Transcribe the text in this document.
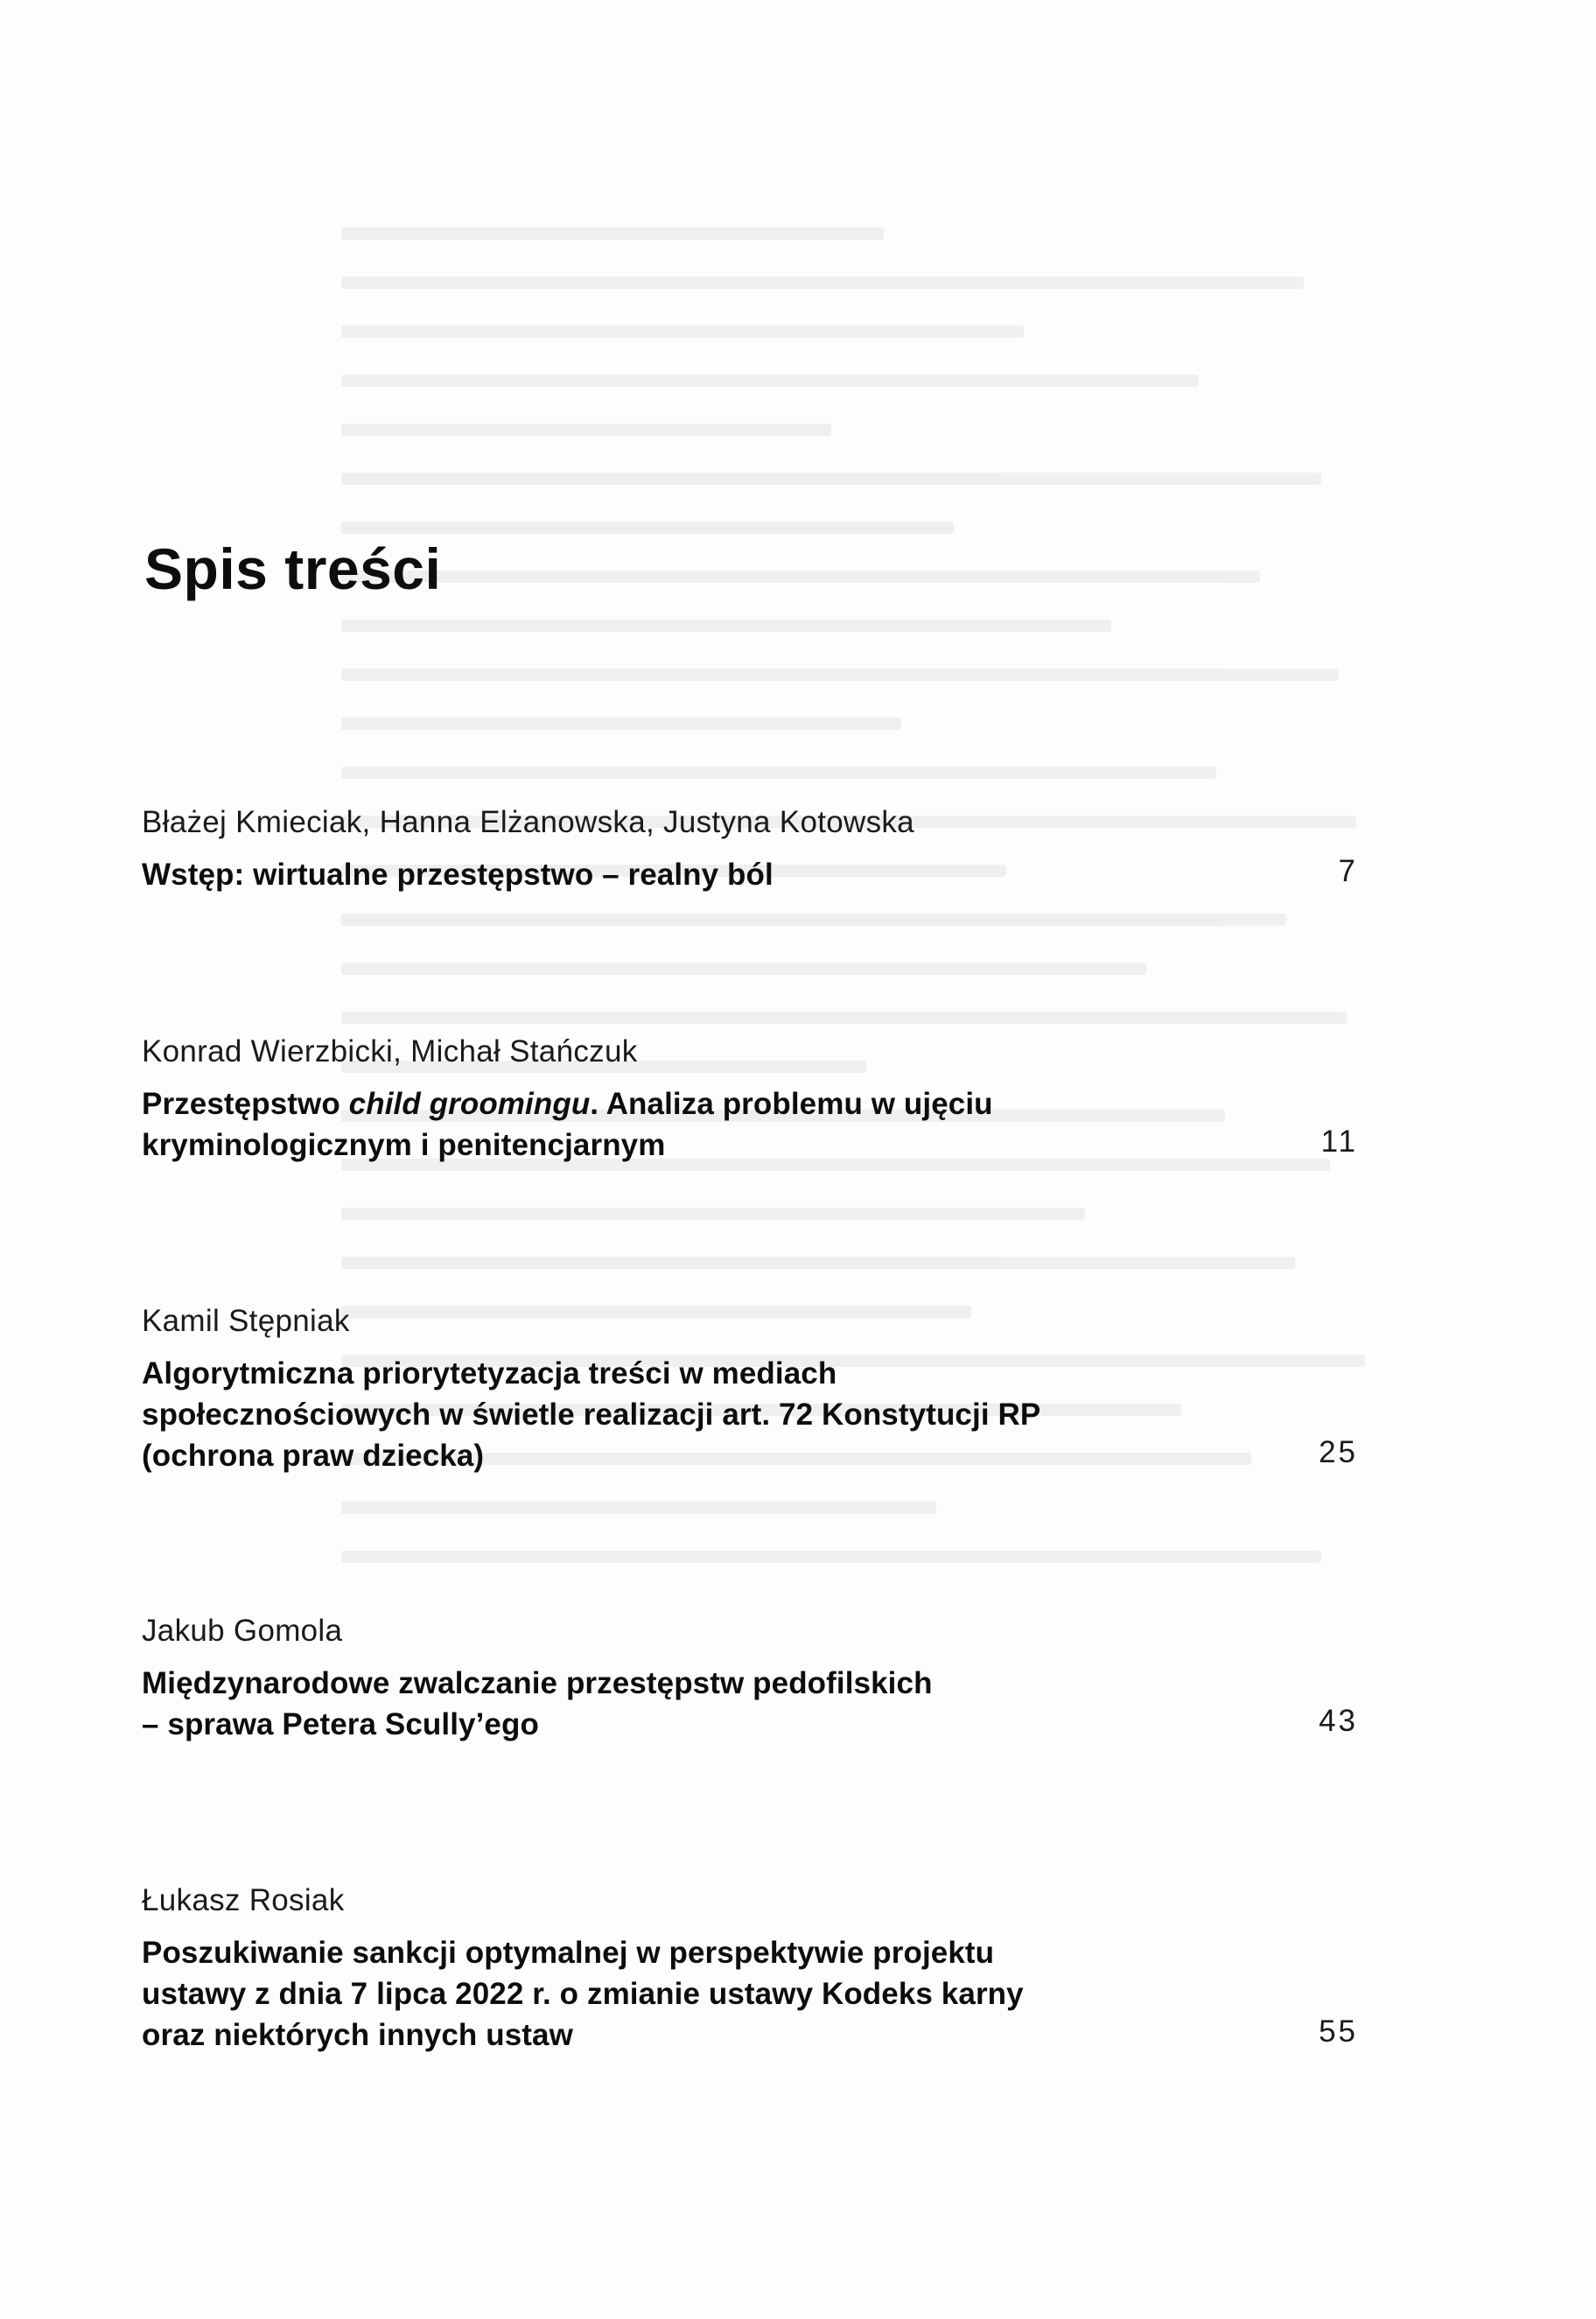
Spis treści
Błażej Kmieciak, Hanna Elżanowska, Justyna Kotowska
Wstęp: wirtualne przestępstwo – realny ból	7
Konrad Wierzbicki, Michał Stańczuk
Przestępstwo child groomingu. Analiza problemu w ujęciu
kryminologicznym i penitencjarnym	11
Kamil Stępniak
Algorytmiczna priorytetyzacja treści w mediach
społecznościowych w świetle realizacji art. 72 Konstytucji RP
(ochrona praw dziecka)	25
Jakub Gomola
Międzynarodowe zwalczanie przestępstw pedofilskich
– sprawa Petera Scully’ego	43
Łukasz Rosiak
Poszukiwanie sankcji optymalnej w perspektywie projektu
ustawy z dnia 7 lipca 2022 r. o zmianie ustawy Kodeks karny
oraz niektórych innych ustaw	55
